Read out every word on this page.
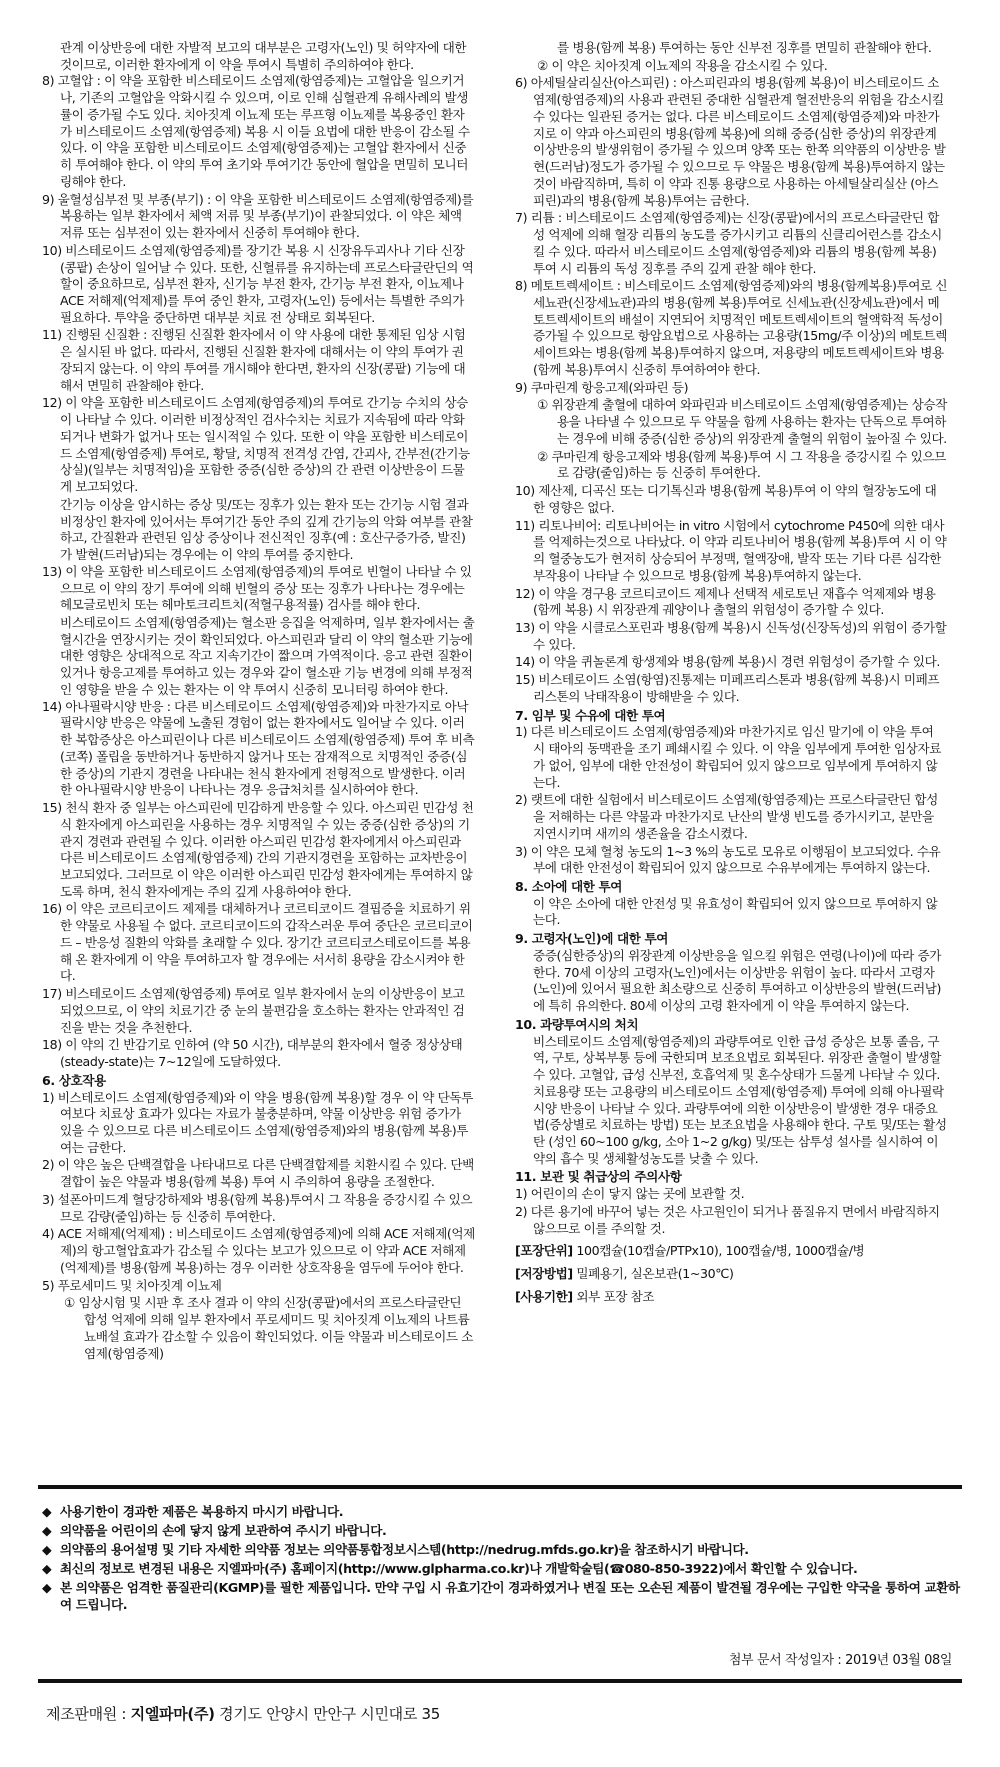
관계 이상반응에 대한 자발적 보고의 대부분은 고령자(노인) 및 허약자에 대한 것이므로, 이러한 환자에게 이 약을 투여시 특별히 주의하여야 한다.

8) 고혈압 : 이 약을 포함한 비스테로이드 소염제(항염증제)는 고혈압을 일으키거나, 기존의 고혈압을 악화시킬 수 있으며, 이로 인해 심혈관계 유해사례의 발생률이 증가될 수도 있다. 치아짓계 이뇨제 또는 루프형 이뇨제를 복용중인 환자가 비스테로이드 소염제(항염증제) 복용 시 이들 요법에 대한 반응이 감소될 수 있다. 이 약을 포함한 비스테로이드 소염제(항염증제)는 고혈압 환자에서 신중히 투여해야 한다. 이 약의 투여 초기와 투여기간 동안에 혈압을 면밀히 모니터링해야 한다.

9) 울혈성심부전 및 부종(부기) : 이 약을 포함한 비스테로이드 소염제(항염증제)를 복용하는 일부 환자에서 체액 저류 및 부종(부기)이 관찰되었다. 이 약은 체액 저류 또는 심부전이 있는 환자에서 신중히 투여해야 한다.

10) 비스테로이드 소염제(항염증제)를 장기간 복용 시 신장유두괴사나 기타 신장(콩팥) 손상이 일어날 수 있다. 또한, 신혈류를 유지하는데 프로스타글란딘의 역할이 중요하므로, 심부전 환자, 신기능 부전 환자, 간기능 부전 환자, 이뇨제나 ACE 저해제(억제제)를 투여 중인 환자, 고령자(노인) 등에서는 특별한 주의가 필요하다. 투약을 중단하면 대부분 치료 전 상태로 회복된다.

11) 진행된 신질환 : 진행된 신질환 환자에서 이 약 사용에 대한 통제된 임상 시험은 실시된 바 없다. 따라서, 진행된 신질환 환자에 대해서는 이 약의 투여가 권장되지 않는다. 이 약의 투여를 개시해야 한다면, 환자의 신장(콩팥) 기능에 대해서 면밀히 관찰해야 한다.

12) 이 약을 포함한 비스테로이드 소염제(항염증제)의 투여로 간기능 수치의 상승이 나타날 수 있다. 이러한 비정상적인 검사수치는 치료가 지속됨에 따라 악화되거나 변화가 없거나 또는 일시적일 수 있다. 또한 이 약을 포함한 비스테로이드 소염제(항염증제) 투여로, 황달, 치명적 전격성 간염, 간괴사, 간부전(간기능상실)(일부는 치명적임)을 포함한 중증(심한 증상)의 간 관련 이상반응이 드물게 보고되었다.

간기능 이상을 암시하는 증상 및/또는 징후가 있는 환자 또는 간기능 시험 결과 비정상인 환자에 있어서는 투여기간 동안 주의 깊게 간기능의 악화 여부를 관찰하고, 간질환과 관련된 임상 증상이나 전신적인 징후(예 : 호산구증가증, 발진)가 발현(드러남)되는 경우에는 이 약의 투여를 중지한다.

13) 이 약을 포함한 비스테로이드 소염제(항염증제)의 투여로 빈혈이 나타날 수 있으므로 이 약의 장기 투여에 의해 빈혈의 증상 또는 징후가 나타나는 경우에는 헤모글로빈치 또는 헤마토크리트치(적혈구용적률) 검사를 해야 한다.

비스테로이드 소염제(항염증제)는 혈소판 응집을 억제하며, 일부 환자에서는 출혈시간을 연장시키는 것이 확인되었다. 아스피린과 달리 이 약의 혈소판 기능에 대한 영향은 상대적으로 작고 지속기간이 짧으며 가역적이다. 응고 관련 질환이 있거나 항응고제를 투여하고 있는 경우와 같이 혈소판 기능 변경에 의해 부정적인 영향을 받을 수 있는 환자는 이 약 투여시 신중히 모니터링 하여야 한다.

14) 아나필락시양 반응 : 다른 비스테로이드 소염제(항염증제)와 마찬가지로 아낙필락시양 반응은 약물에 노출된 경험이 없는 환자에서도 일어날 수 있다. 이러한 복합증상은 아스피린이나 다른 비스테로이드 소염제(항염증제) 투여 후 비측(코쪽) 폴립을 동반하거나 동반하지 않거나 또는 잠재적으로 치명적인 중증(심한 증상)의 기관지 경련을 나타내는 천식 환자에게 전형적으로 발생한다. 이러한 아나필락시양 반응이 나타나는 경우 응급처치를 실시하여야 한다.

15) 천식 환자 중 일부는 아스피린에 민감하게 반응할 수 있다. 아스피린 민감성 천식 환자에게 아스피린을 사용하는 경우 치명적일 수 있는 중증(심한 증상)의 기관지 경련과 관련될 수 있다. 이러한 아스피린 민감성 환자에게서 아스피린과 다른 비스테로이드 소염제(항염증제) 간의 기관지경련을 포함하는 교차반응이 보고되었다. 그러므로 이 약은 이러한 아스피린 민감성 환자에게는 투여하지 않도록 하며, 천식 환자에게는 주의 깊게 사용하여야 한다.

16) 이 약은 코르티코이드 제제를 대체하거나 코르티코이드 결핍증을 치료하기 위한 약물로 사용될 수 없다. 코르티코이드의 갑작스러운 투여 중단은 코르티코이드 – 반응성 질환의 악화를 초래할 수 있다. 장기간 코르티코스테로이드를 복용해 온 환자에게 이 약을 투여하고자 할 경우에는 서서히 용량을 감소시켜야 한다.

17) 비스테로이드 소염제(항염증제) 투여로 일부 환자에서 눈의 이상반응이 보고되었으므로, 이 약의 치료기간 중 눈의 불편감을 호소하는 환자는 안과적인 검진을 받는 것을 추천한다.

18) 이 약의 긴 반감기로 인하여 (약 50 시간), 대부분의 환자에서 혈중 정상상태(steady-state)는 7~12일에 도달하였다.

6. 상호작용

1) 비스테로이드 소염제(항염증제)와 이 약을 병용(함께 복용)할 경우 이 약 단독투여보다 치료상 효과가 있다는 자료가 불충분하며, 약물 이상반응 위험 증가가 있을 수 있으므로 다른 비스테로이드 소염제(항염증제)와의 병용(함께 복용)투여는 금한다.

2) 이 약은 높은 단백결합을 나타내므로 다른 단백결합제를 치환시킬 수 있다. 단백결합이 높은 약물과 병용(함께 복용) 투여 시 주의하여 용량을 조절한다.

3) 설폰아미드계 혈당강하제와 병용(함께 복용)투여시 그 작용을 증강시킬 수 있으므로 감량(줄임)하는 등 신중히 투여한다.

4) ACE 저해제(억제제) : 비스테로이드 소염제(항염증제)에 의해 ACE 저해제(억제제)의 항고혈압효과가 감소될 수 있다는 보고가 있으므로 이 약과 ACE 저해제(억제제)를 병용(함께 복용)하는 경우 이러한 상호작용을 염두에 두어야 한다.

5) 푸로세미드 및 치아짓계 이뇨제

① 임상시험 및 시판 후 조사 결과 이 약의 신장(콩팥)에서의 프로스타글란딘 합성 억제에 의해 일부 환자에서 푸로세미드 및 치아짓계 이뇨제의 나트륨 뇨배설 효과가 감소할 수 있음이 확인되었다. 이들 약물과 비스테로이드 소염제(항염증제)

를 병용(함께 복용) 투여하는 동안 신부전 징후를 면밀히 관찰해야 한다.

② 이 약은 치아짓계 이뇨제의 작용을 감소시킬 수 있다.

6) 아세틸살리실산(아스피린) : 아스피린과의 병용(함께 복용)이 비스테로이드 소염제(항염증제)의 사용과 관련된 중대한 심혈관계 혈전반응의 위험을 감소시킬 수 있다는 일관된 증거는 없다. 다른 비스테로이드 소염제(항염증제)와 마찬가지로 이 약과 아스피린의 병용(함께 복용)에 의해 중증(심한 증상)의 위장관계 이상반응의 발생위험이 증가될 수 있으며 양쪽 또는 한쪽 의약품의 이상반응 발현(드러남)정도가 증가될 수 있으므로 두 약물은 병용(함께 복용)투여하지 않는 것이 바람직하며, 특히 이 약과 진통 용량으로 사용하는 아세틸살리실산 (아스피린)과의 병용(함께 복용)투여는 금한다.

7) 리튬 : 비스테로이드 소염제(항염증제)는 신장(콩팥)에서의 프로스타글란딘 합성 억제에 의해 혈장 리튬의 농도를 증가시키고 리튬의 신클리어런스를 감소시킬 수 있다. 따라서 비스테로이드 소염제(항염증제)와 리튬의 병용(함께 복용) 투여 시 리튬의 독성 징후를 주의 깊게 관찰 해야 한다.

8) 메토트렉세이트 : 비스테로이드 소염제(항염증제)와의 병용(함께복용)투여로 신세뇨관(신장세뇨관)과의 병용(함께 복용)투여로 신세뇨관(신장세뇨관)에서 메토트렉세이트의 배설이 지연되어 치명적인 메토트렉세이트의 혈액학적 독성이 증가될 수 있으므로 항암요법으로 사용하는 고용량(15mg/주 이상)의 메토트렉세이트와는 병용(함께 복용)투여하지 않으며, 저용량의 메토트렉세이트와 병용(함께 복용)투여시 신중히 투여하여야 한다.

9) 쿠마린계 항응고제(와파린 등)

① 위장관계 출혈에 대하여 와파린과 비스테로이드 소염제(항염증제)는 상승작용을 나타낼 수 있으므로 두 약물을 함께 사용하는 환자는 단독으로 투여하는 경우에 비해 중증(심한 증상)의 위장관계 출혈의 위험이 높아질 수 있다.

② 쿠마린계 항응고제와 병용(함께 복용)투여 시 그 작용을 증강시킬 수 있으므로 감량(줄임)하는 등 신중히 투여한다.

10) 제산제, 디곡신 또는 디기톡신과 병용(함께 복용)투여 이 약의 혈장농도에 대한 영향은 없다.

11) 리토나비어: 리토나비어는 in vitro 시험에서 cytochrome P450에 의한 대사를 억제하는것으로 나타났다. 이 약과 리토나비어 병용(함께 복용)투여 시 이 약의 혈중농도가 현저히 상승되어 부정맥, 혈액장애, 발작 또는 기타 다른 심각한 부작용이 나타날 수 있으므로 병용(함께 복용)투여하지 않는다.

12) 이 약을 경구용 코르티코이드 제제나 선택적 세로토닌 재흡수 억제제와 병용(함께 복용) 시 위장관계 궤양이나 출혈의 위험성이 증가할 수 있다.

13) 이 약을 시클로스포린과 병용(함께 복용)시 신독성(신장독성)의 위험이 증가할 수 있다.

14) 이 약을 퀴놀론계 항생제와 병용(함께 복용)시 경련 위험성이 증가할 수 있다.

15) 비스테로이드 소염(항염)진통제는 미페프리스톤과 병용(함께 복용)시 미페프리스톤의 낙태작용이 방해받을 수 있다.

7. 임부 및 수유에 대한 투여

1) 다른 비스테로이드 소염제(항염증제)와 마찬가지로 임신 말기에 이 약을 투여 시 태아의 동맥관을 조기 폐쇄시킬 수 있다. 이 약을 임부에게 투여한 임상자료가 없어, 임부에 대한 안전성이 확립되어 있지 않으므로 임부에게 투여하지 않는다.

2) 랫트에 대한 실험에서 비스테로이드 소염제(항염증제)는 프로스타글란딘 합성을 저해하는 다른 약물과 마찬가지로 난산의 발생 빈도를 증가시키고, 분만을 지연시키며 새끼의 생존율을 감소시켰다.

3) 이 약은 모체 혈청 농도의 1~3 %의 농도로 모유로 이행됨이 보고되었다. 수유부에 대한 안전성이 확립되어 있지 않으므로 수유부에게는 투여하지 않는다.

8. 소아에 대한 투여

이 약은 소아에 대한 안전성 및 유효성이 확립되어 있지 않으므로 투여하지 않는다.

9. 고령자(노인)에 대한 투여

중증(심한증상)의 위장관계 이상반응을 일으킬 위험은 연령(나이)에 따라 증가한다. 70세 이상의 고령자(노인)에서는 이상반응 위험이 높다. 따라서 고령자(노인)에 있어서 필요한 최소량으로 신중히 투여하고 이상반응의 발현(드러남)에 특히 유의한다. 80세 이상의 고령 환자에게 이 약을 투여하지 않는다.

10. 과량투여시의 처치

비스테로이드 소염제(항염증제)의 과량투여로 인한 급성 증상은 보통 졸음, 구역, 구토, 상복부통 등에 국한되며 보조요법로 회복된다. 위장관 출혈이 발생할 수 있다. 고혈압, 급성 신부전, 호흡억제 및 혼수상태가 드물게 나타날 수 있다. 치료용량 또는 고용량의 비스테로이드 소염제(항염증제) 투여에 의해 아나필락시양 반응이 나타날 수 있다. 과량투여에 의한 이상반응이 발생한 경우 대증요법(증상별로 치료하는 방법) 또는 보조요법을 사용해야 한다. 구토 및/또는 활성탄 (성인 60~100 g/kg, 소아 1~2 g/kg) 및/또는 삼투성 설사를 실시하여 이 약의 흡수 및 생체활성농도를 낮출 수 있다.

11. 보관 및 취급상의 주의사항

1) 어린이의 손이 닿지 않는 곳에 보관할 것.

2) 다른 용기에 바꾸어 넣는 것은 사고원인이 되거나 품질유지 면에서 바람직하지 않으므로 이를 주의할 것.

[포장단위] 100캡슐(10캡슐/PTPx10), 100캡슐/병, 1000캡슐/병

[저장방법] 밀폐용기, 실온보관(1~30℃)

[사용기한] 외부 포장 참조

◆ 사용기한이 경과한 제품은 복용하지 마시기 바랍니다.
◆ 의약품을 어린이의 손에 닿지 않게 보관하여 주시기 바랍니다.
◆ 의약품의 용어설명 및 기타 자세한 의약품 정보는 의약품통합정보시스템(http://nedrug.mfds.go.kr)을 참조하시기 바랍니다.
◆ 최신의 정보로 변경된 내용은 지엘파마(주) 홈페이지(http://www.glpharma.co.kr)나 개발학술팀(☎080-850-3922)에서 확인할 수 있습니다.
◆ 본 의약품은 엄격한 품질관리(KGMP)를 필한 제품입니다. 만약 구입 시 유효기간이 경과하였거나 변질 또는 오손된 제품이 발견될 경우에는 구입한 약국을 통하여 교환하여 드립니다.
첨부 문서 작성일자 : 2019년 03월 08일
제조판매원 : 지엘파마(주) 경기도 안양시 만안구 시민대로 35
